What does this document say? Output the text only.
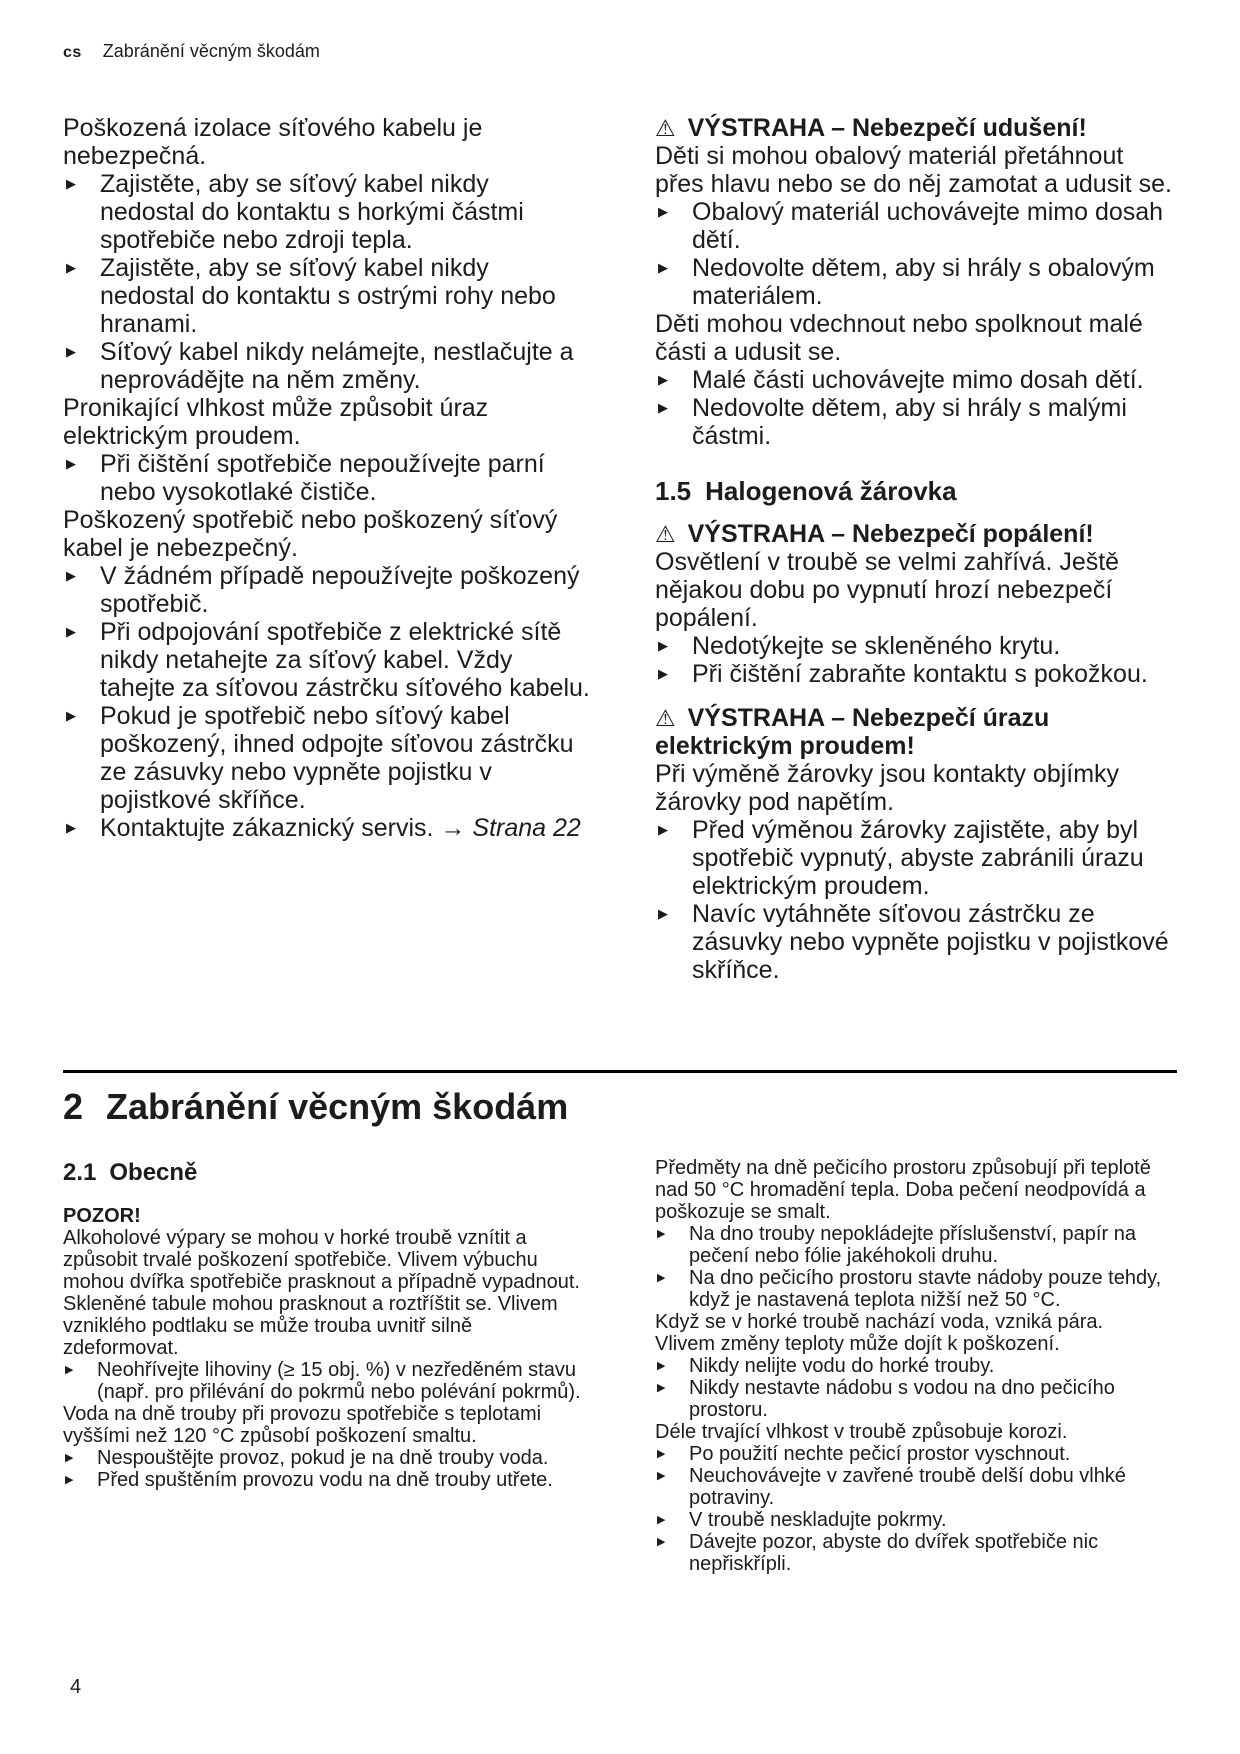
cs Zabránění věcným škodám

Poškozená izolace síťového kabelu je nebezpečná.

▶ Zajistěte, aby se síťový kabel nikdy nedostal do kontaktu s horkými částmi spotřebiče nebo zdroji tepla.
▶ Zajistěte, aby se síťový kabel nikdy nedostal do kontaktu s ostrými rohy nebo hranami.
▶ Síťový kabel nikdy nelámejte, nestlačujte a neprovádějte na něm změny.

Pronikající vlhkost může způsobit úraz elektrickým proudem.

▶ Při čištění spotřebiče nepoužívejte parní nebo vysokotlaké čističe.

Poškozený spotřebič nebo poškozený síťový kabel je nebezpečný.

▶ V žádném případě nepoužívejte poškozený spotřebič.
▶ Při odpojování spotřebiče z elektrické sítě nikdy netahejte za síťový kabel. Vždy tahejte za síťovou zástrčku síťového kabelu.
▶ Pokud je spotřebič nebo síťový kabel poškozený, ihned odpojte síťovou zástrčku ze zásuvky nebo vypněte pojistku v pojistkové skříňce.
▶ Kontaktujte zákaznický servis. → Strana 22

⚠ VÝSTRAHA – Nebezpečí udušení!

Děti si mohou obalový materiál přetáhnout přes hlavu nebo se do něj zamotat a udusit se.

▶ Obalový materiál uchovávejte mimo dosah dětí.
▶ Nedovolte dětem, aby si hrály s obalovým materiálem.

Děti mohou vdechnout nebo spolknout malé části a udusit se.

▶ Malé části uchovávejte mimo dosah dětí.
▶ Nedovolte dětem, aby si hrály s malými částmi.
1.5 Halogenová žárovka

⚠ VÝSTRAHA – Nebezpečí popálení!

Osvětlení v troubě se velmi zahřívá. Ještě nějakou dobu po vypnutí hrozí nebezpečí popálení.

▶ Nedotýkejte se skleněného krytu.
▶ Při čištění zabraňte kontaktu s pokožkou.

⚠ VÝSTRAHA – Nebezpečí úrazu elektrickým proudem!

Při výměně žárovky jsou kontakty objímky žárovky pod napětím.

▶ Před výměnou žárovky zajistěte, aby byl spotřebič vypnutý, abyste zabránili úrazu elektrickým proudem.
▶ Navíc vytáhněte síťovou zástrčku ze zásuvky nebo vypněte pojistku v pojistkové skříňce.
2 Zabránění věcným škodám
2.1 Obecně

POZOR!

Alkoholové výpary se mohou v horké troubě vznítit a způsobit trvalé poškození spotřebiče. Vlivem výbuchu mohou dvířka spotřebiče prasknout a případně vypadnout. Skleněné tabule mohou prasknout a roztříštit se. Vlivem vzniklého podtlaku se může trouba uvnitř silně zdeformovat.

▶ Neohřívejte lihoviny (≥ 15 obj. %) v nezředěném stavu (např. pro přilévání do pokrmů nebo polévání pokrmů).

Voda na dně trouby při provozu spotřebiče s teplotami vyššími než 120 °C způsobí poškození smaltu.

▶ Nespouštějte provoz, pokud je na dně trouby voda.
▶ Před spuštěním provozu vodu na dně trouby utřete.

Předměty na dně pečicího prostoru způsobují při teplotě nad 50 °C hromadění tepla. Doba pečení neodpovídá a poškozuje se smalt.

▶ Na dno trouby nepokládejte příslušenství, papír na pečení nebo fólie jakéhokoli druhu.
▶ Na dno pečicího prostoru stavte nádoby pouze tehdy, když je nastavená teplota nižší než 50 °C.

Když se v horké troubě nachází voda, vzniká pára.

Vlivem změny teploty může dojít k poškození.

▶ Nikdy nelijte vodu do horké trouby.
▶ Nikdy nestavte nádobu s vodou na dno pečicího prostoru.

Déle trvající vlhkost v troubě způsobuje korozi.

▶ Po použití nechte pečicí prostor vyschnout.
▶ Neuchovávejte v zavřené troubě delší dobu vlhké potraviny.
▶ V troubě neskladujte pokrmy.
▶ Dávejte pozor, abyste do dvířek spotřebiče nic nepřiskřípli.
4
